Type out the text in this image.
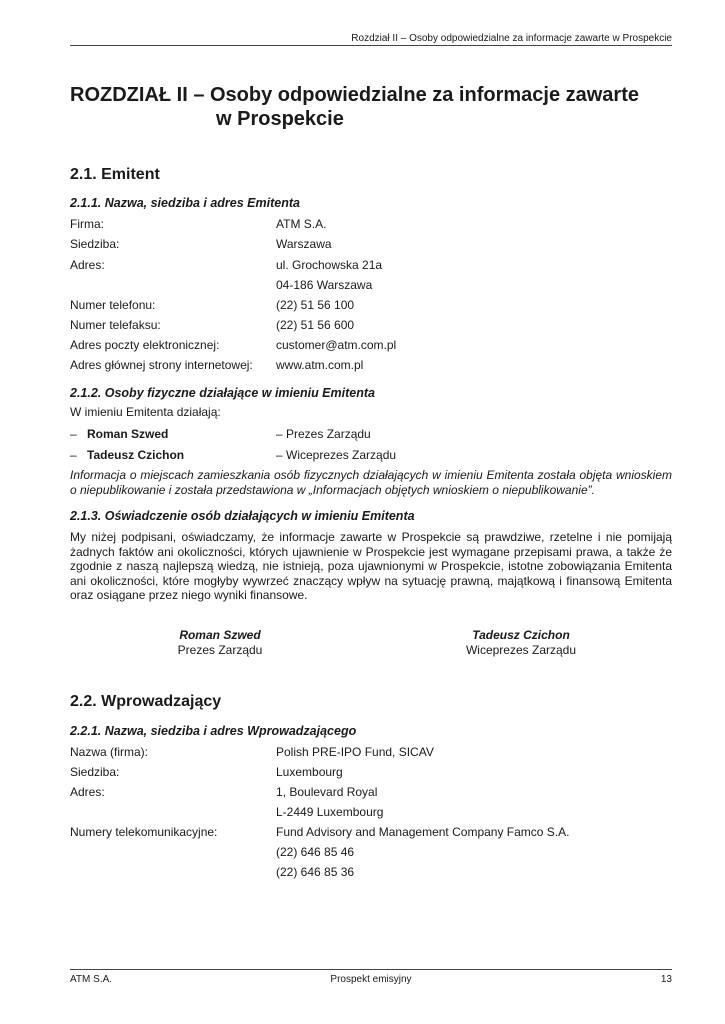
Rozdział II – Osoby odpowiedzialne za informacje zawarte w Prospekcie
ROZDZIAŁ II – Osoby odpowiedzialne za informacje zawarte
w Prospekcie
2.1. Emitent
2.1.1. Nazwa, siedziba i adres Emitenta
Firma:	ATM S.A.
Siedziba:	Warszawa
Adres:	ul. Grochowska 21a
04-186 Warszawa
Numer telefonu:	(22) 51 56 100
Numer telefaksu:	(22) 51 56 600
Adres poczty elektronicznej:	customer@atm.com.pl
Adres głównej strony internetowej: www.atm.com.pl
2.1.2. Osoby fizyczne działające w imieniu Emitenta
W imieniu Emitenta działają:
– Roman Szwed	– Prezes Zarządu
– Tadeusz Czichon	– Wiceprezes Zarządu
Informacja o miejscach zamieszkania osób fizycznych działających w imieniu Emitenta została objęta wnioskiem o niepublikowanie i została przedstawiona w „Informacjach objętych wnioskiem o niepublikowanie”.
2.1.3. Oświadczenie osób działających w imieniu Emitenta
My niżej podpisani, oświadczamy, że informacje zawarte w Prospekcie są prawdziwe, rzetelne i nie pomijają żadnych faktów ani okoliczności, których ujawnienie w Prospekcie jest wymagane przepisami prawa, a także że zgodnie z naszą najlepszą wiedzą, nie istnieją, poza ujawnionymi w Prospekcie, istotne zobowiązania Emitenta ani okoliczności, które mogłyby wywrzeć znaczący wpływ na sytuację prawną, majątkową i finansową Emitenta oraz osiągane przez niego wyniki finansowe.
Roman Szwed
Prezes Zarządu
Tadeusz Czichon
Wiceprezes Zarządu
2.2. Wprowadzający
2.2.1. Nazwa, siedziba i adres Wprowadzającego
Nazwa (firma):	Polish PRE-IPO Fund, SICAV
Siedziba:	Luxembourg
Adres:	1, Boulevard Royal
L-2449 Luxembourg
Numery telekomunikacyjne:	Fund Advisory and Management Company Famco S.A.
(22) 646 85 46
(22) 646 85 36
ATM S.A.	Prospekt emisyjny	13
